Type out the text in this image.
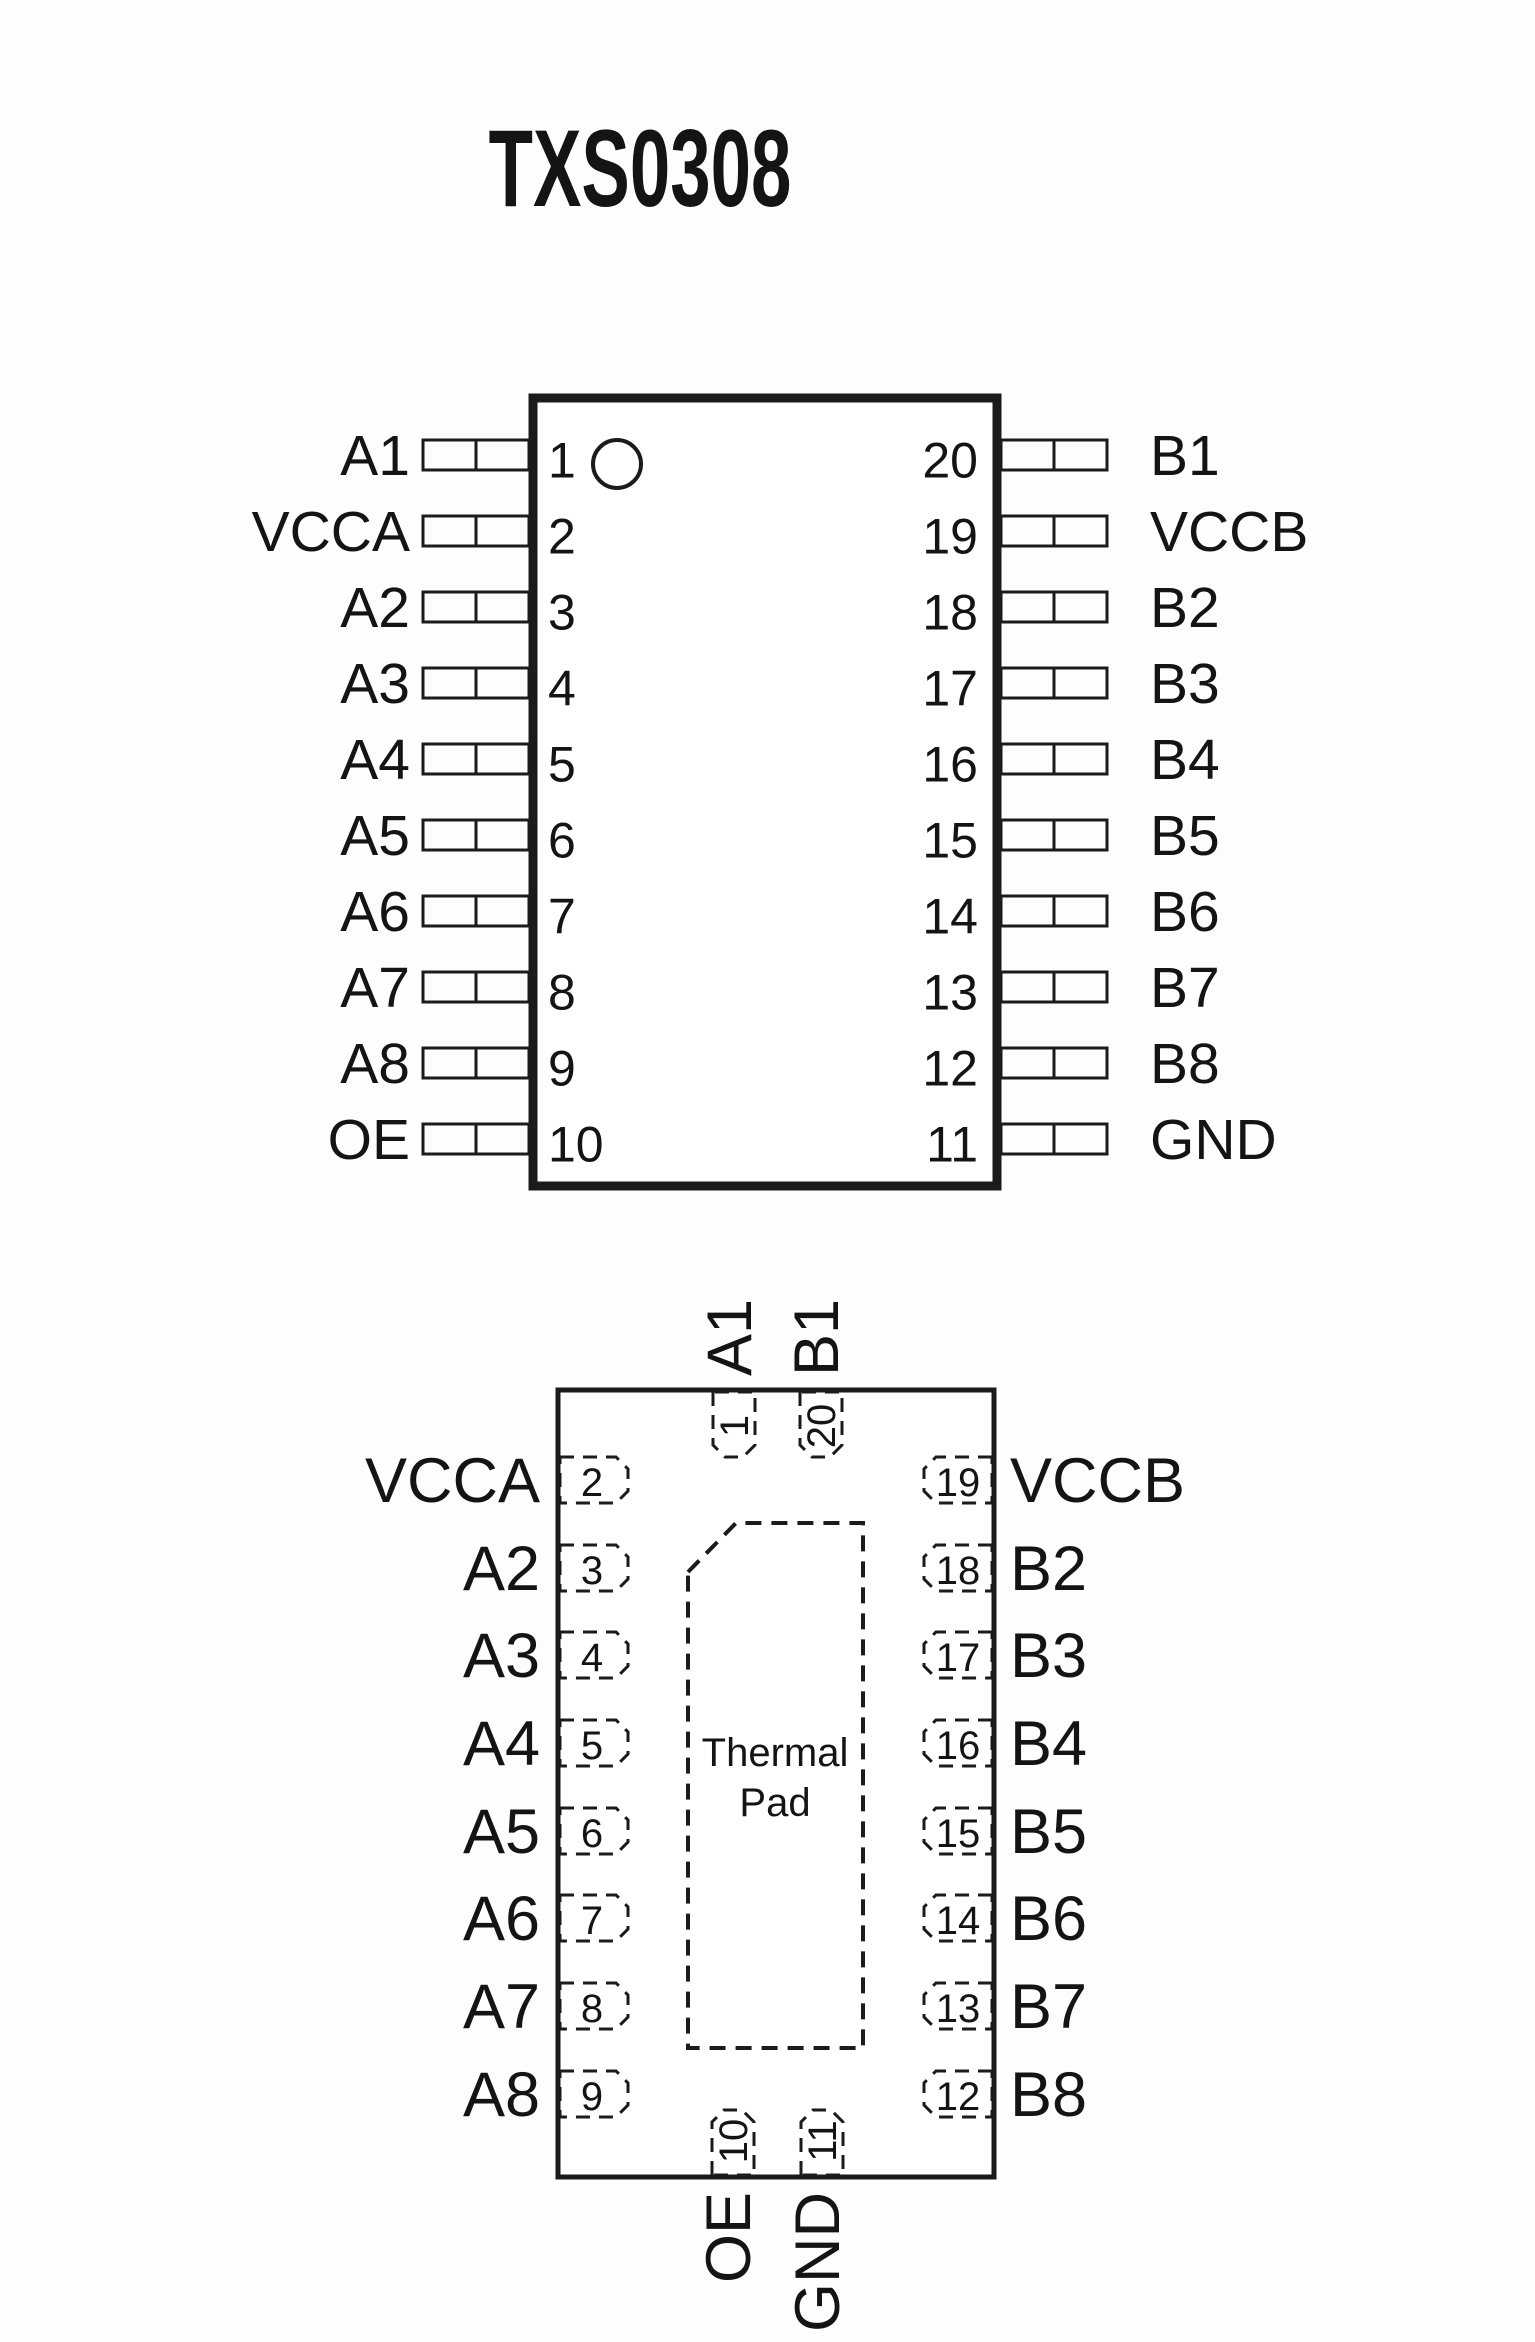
TXS0308
A1	1	20	B1
VCCA	2	19	VCCB
A2	3	18	B2
A3	4	17	B3
A4	5	16	B4
A5	6	15	B5
A6	7	14	B6
A7	8	13	B7
A8	9	12	B8
OE	10	11	GND
Thermal
Pad
2
VCCA
3
A2
4
A3
5
A4
6
A5
7
A6
8
A7
9
A8
19 VCCB
18 B2
17 B3
16 B4
15 B5
14 B6
13 B7
12 B8
1
A1
20
B1
10
OE
11
GND
